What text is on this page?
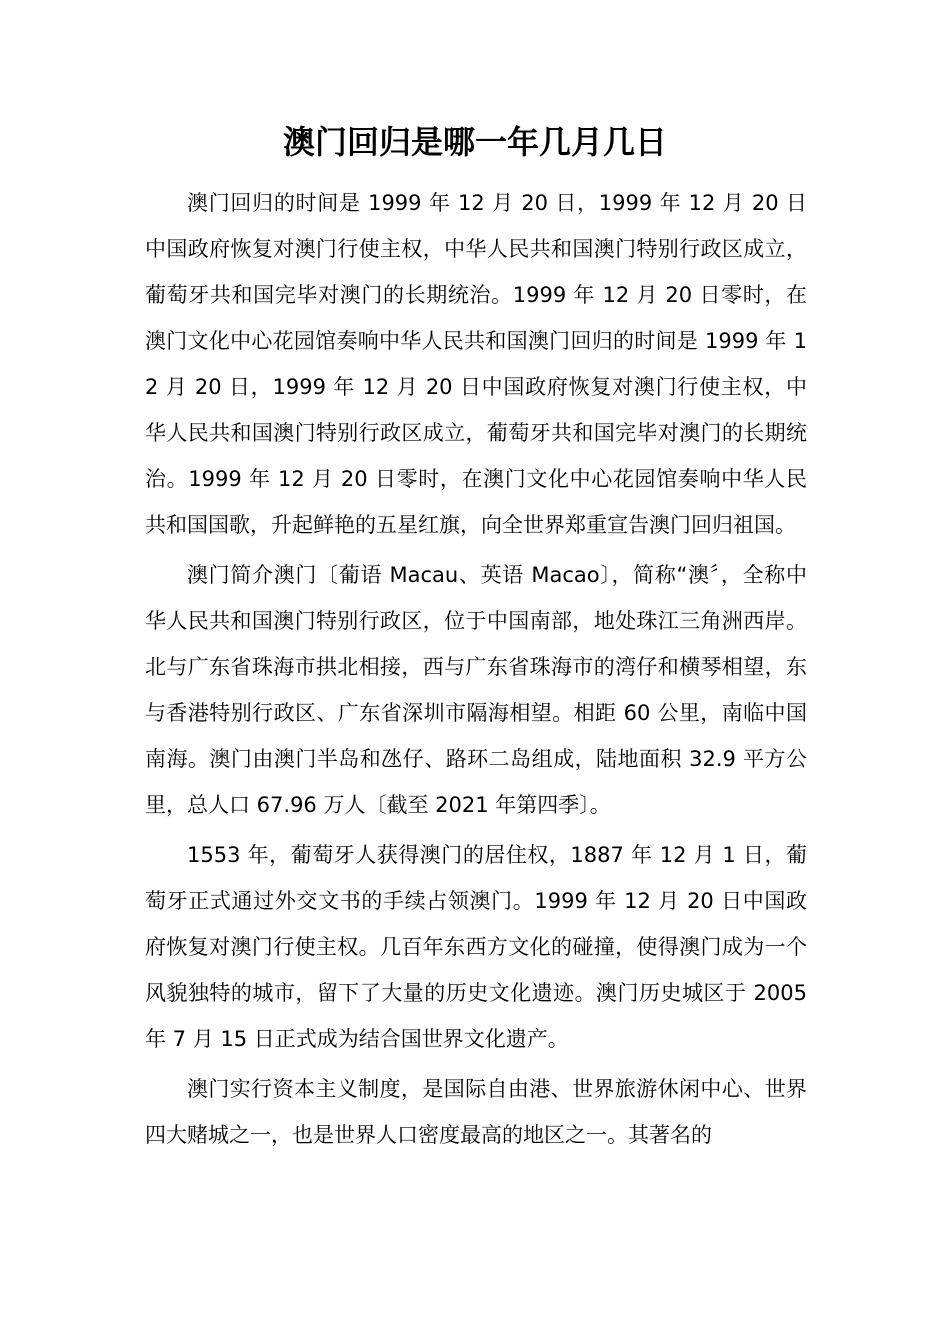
澳门回归是哪一年几月几日

澳门回归的时间是 1999 年 12 月 20 日，1999 年 12 月 20 日中国政府恢复对澳门行使主权，中华人民共和国澳门特别行政区成立，葡萄牙共和国完毕对澳门的长期统治。1999 年 12 月 20 日零时，在澳门文化中心花园馆奏响中华人民共和国澳门回归的时间是 1999 年 12 月 20 日，1999 年 12 月 20 日中国政府恢复对澳门行使主权，中华人民共和国澳门特别行政区成立，葡萄牙共和国完毕对澳门的长期统治。1999 年 12 月 20 日零时，在澳门文化中心花园馆奏响中华人民共和国国歌，升起鲜艳的五星红旗，向全世界郑重宣告澳门回归祖国。

澳门简介澳门〔葡语 Macau、英语 Macao〕，简称“澳〞，全称中华人民共和国澳门特别行政区，位于中国南部，地处珠江三角洲西岸。北与广东省珠海市拱北相接，西与广东省珠海市的湾仔和横琴相望，东与香港特别行政区、广东省深圳市隔海相望。相距 60 公里，南临中国南海。澳门由澳门半岛和氹仔、路环二岛组成，陆地面积 32.9 平方公里，总人口 67.96 万人〔截至 2021 年第四季〕。

1553 年，葡萄牙人获得澳门的居住权，1887 年 12 月 1 日，葡萄牙正式通过外交文书的手续占领澳门。1999 年 12 月 20 日中国政府恢复对澳门行使主权。几百年东西方文化的碰撞，使得澳门成为一个风貌独特的城市，留下了大量的历史文化遗迹。澳门历史城区于 2005 年 7 月 15 日正式成为结合国世界文化遗产。

澳门实行资本主义制度，是国际自由港、世界旅游休闲中心、世界四大赌城之一，也是世界人口密度最高的地区之一。其著名的
